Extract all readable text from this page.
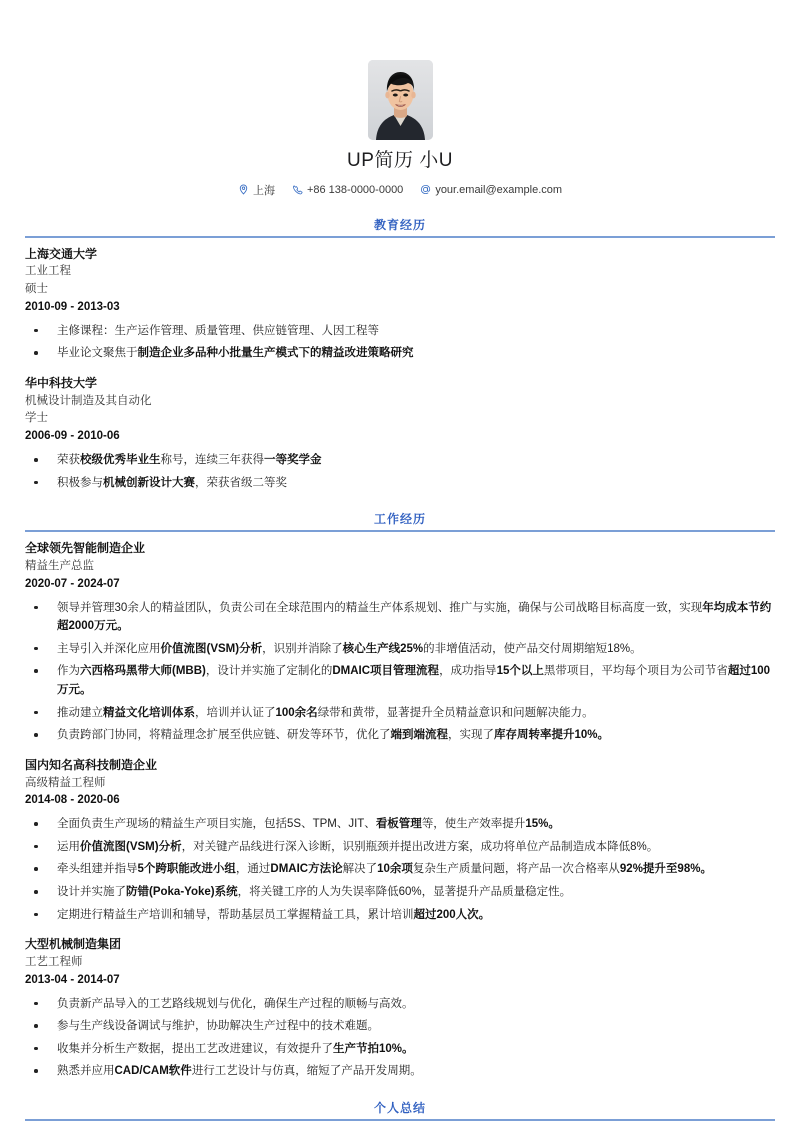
UP简历 小U
上海	+86 138-0000-0000	your.email@example.com
教育经历
上海交通大学
工业工程
硕士
2010-09 - 2013-03
主修课程：生产运作管理、质量管理、供应链管理、人因工程等
毕业论文聚焦于制造企业多品种小批量生产模式下的精益改进策略研究
华中科技大学
机械设计制造及其自动化
学士
2006-09 - 2010-06
荣获校级优秀毕业生称号，连续三年获得一等奖学金
积极参与机械创新设计大赛，荣获省级二等奖
工作经历
全球领先智能制造企业
精益生产总监
2020-07 - 2024-07
领导并管理30余人的精益团队，负责公司在全球范围内的精益生产体系规划、推广与实施，确保与公司战略目标高度一致，实现年均成本节约超2000万元。
主导引入并深化应用价值流图(VSM)分析，识别并消除了核心生产线25%的非增值活动，使产品交付周期缩短18%。
作为六西格玛黑带大师(MBB)，设计并实施了定制化的DMAIC项目管理流程，成功指导15个以上黑带项目，平均每个项目为公司节省超过100万元。
推动建立精益文化培训体系，培训并认证了100余名绿带和黄带，显著提升全员精益意识和问题解决能力。
负责跨部门协同，将精益理念扩展至供应链、研发等环节，优化了端到端流程，实现了库存周转率提升10%。
国内知名高科技制造企业
高级精益工程师
2014-08 - 2020-06
全面负责生产现场的精益生产项目实施，包括5S、TPM、JIT、看板管理等，使生产效率提升15%。
运用价值流图(VSM)分析，对关键产品线进行深入诊断，识别瓶颈并提出改进方案，成功将单位产品制造成本降低8%。
牵头组建并指导5个跨职能改进小组，通过DMAIC方法论解决了10余项复杂生产质量问题，将产品一次合格率从92%提升至98%。
设计并实施了防错(Poka-Yoke)系统，将关键工序的人为失误率降低60%，显著提升产品质量稳定性。
定期进行精益生产培训和辅导，帮助基层员工掌握精益工具，累计培训超过200人次。
大型机械制造集团
工艺工程师
2013-04 - 2014-07
负责新产品导入的工艺路线规划与优化，确保生产过程的顺畅与高效。
参与生产线设备调试与维护，协助解决生产过程中的技术难题。
收集并分析生产数据，提出工艺改进建议，有效提升了生产节拍10%。
熟悉并应用CAD/CAM软件进行工艺设计与仿真，缩短了产品开发周期。
个人总结
